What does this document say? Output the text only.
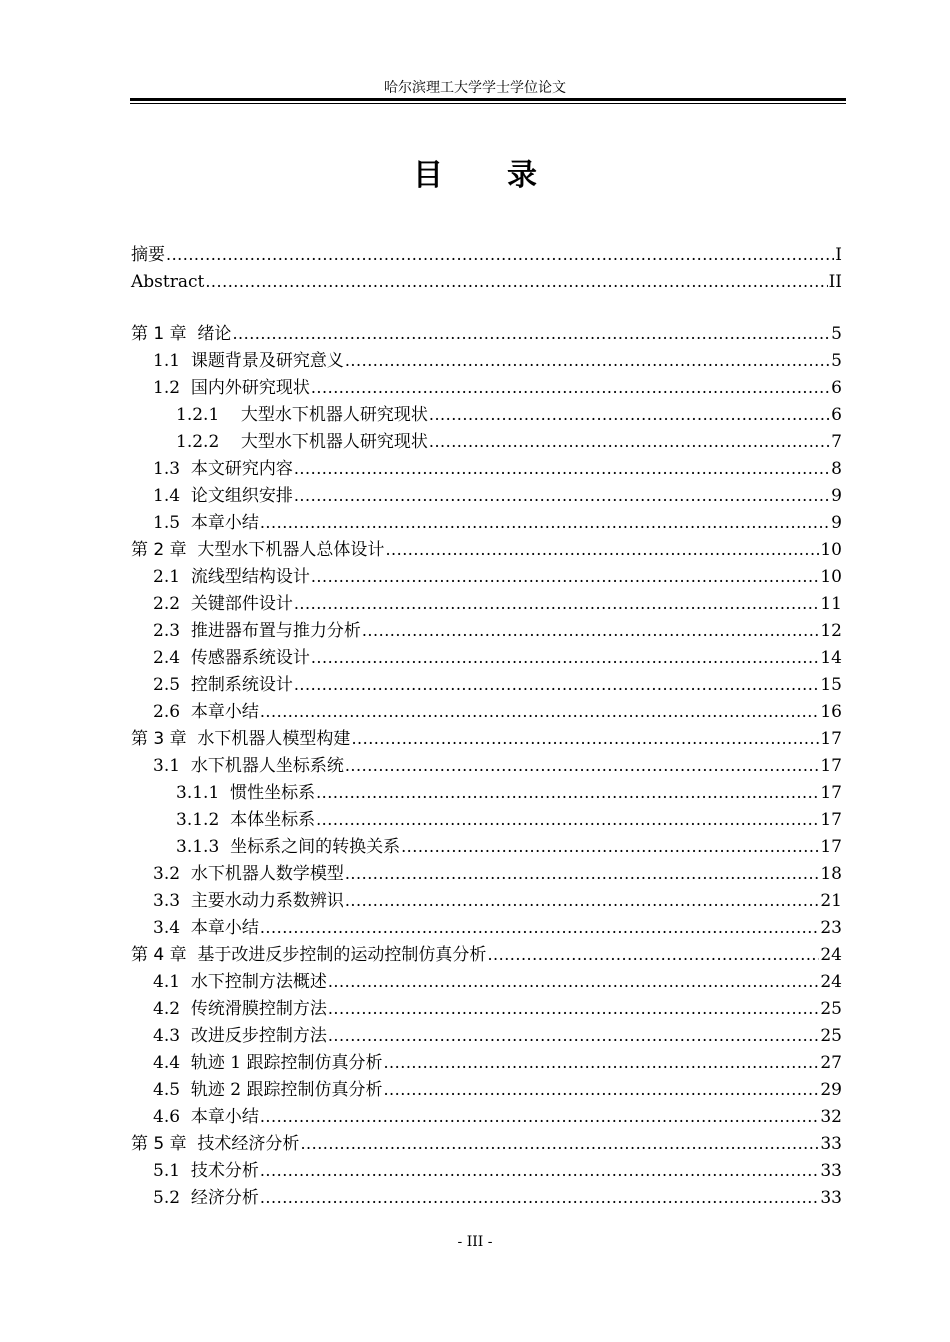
哈尔滨理工大学学士学位论文
目 录
摘要 .....	I
Abstract .....	II
第 1 章  绪论 .....	5
1.1  课题背景及研究意义 .....	5
1.2  国内外研究现状 .....	6
1.2.1    大型水下机器人研究现状 .....	6
1.2.2    大型水下机器人研究现状 .....	7
1.3  本文研究内容 .....	8
1.4  论文组织安排 .....	9
1.5  本章小结 .....	9
第 2 章  大型水下机器人总体设计 .....	10
2.1  流线型结构设计 .....	10
2.2  关键部件设计 .....	11
2.3  推进器布置与推力分析 .....	12
2.4  传感器系统设计 .....	14
2.5  控制系统设计 .....	15
2.6  本章小结 .....	16
第 3 章  水下机器人模型构建 .....	17
3.1  水下机器人坐标系统 .....	17
3.1.1  惯性坐标系 .....	17
3.1.2  本体坐标系 .....	17
3.1.3  坐标系之间的转换关系 .....	17
3.2  水下机器人数学模型 .....	18
3.3  主要水动力系数辨识 .....	21
3.4  本章小结 .....	23
第 4 章  基于改进反步控制的运动控制仿真分析 .....	24
4.1  水下控制方法概述 .....	24
4.2  传统滑膜控制方法 .....	25
4.3  改进反步控制方法 .....	25
4.4  轨迹 1 跟踪控制仿真分析 .....	27
4.5  轨迹 2 跟踪控制仿真分析 .....	29
4.6  本章小结 .....	32
第 5 章  技术经济分析 .....	33
5.1  技术分析 .....	33
5.2  经济分析 .....	33
- III -
